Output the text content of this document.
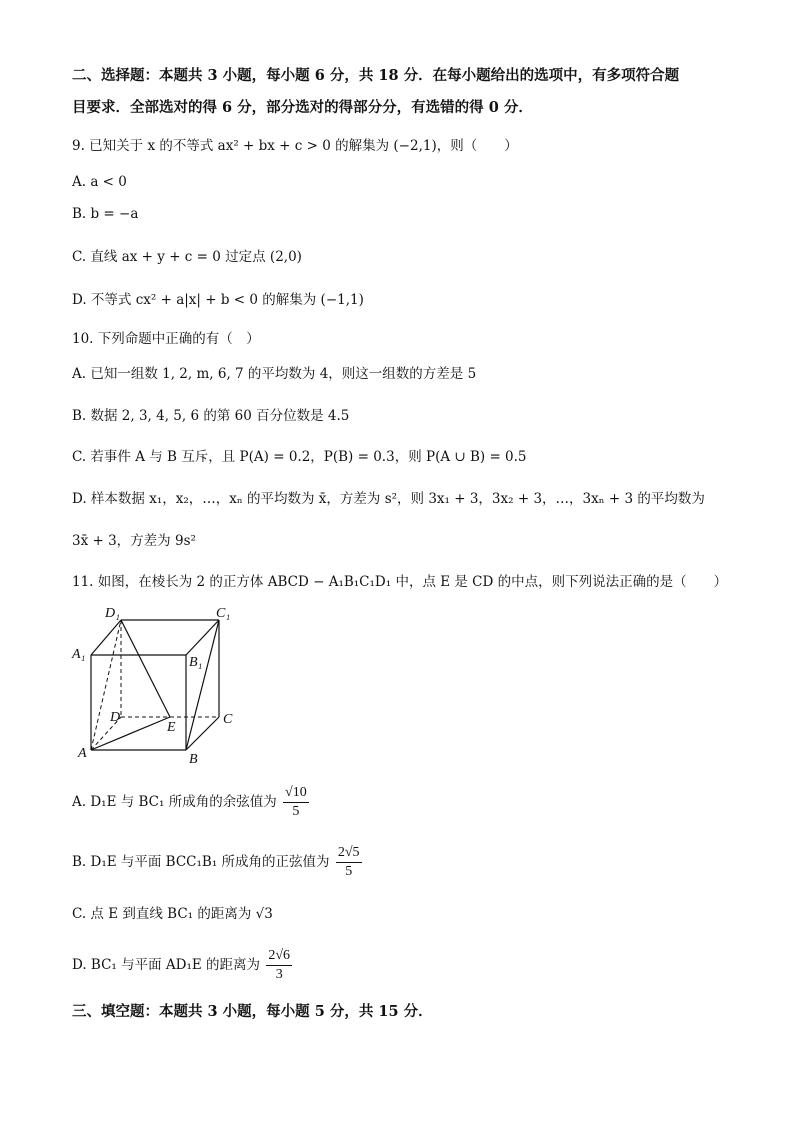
二、选择题：本题共 3 小题，每小题 6 分，共 18 分．在每小题给出的选项中，有多项符合题
目要求．全部选对的得 6 分，部分选对的得部分分，有选错的得 0 分．
9. 已知关于 x 的不等式 ax² + bx + c > 0 的解集为 (−2,1)，则（　　）
A. a < 0
B. b = −a
C. 直线 ax + y + c = 0 过定点 (2,0)
D. 不等式 cx² + a|x| + b < 0 的解集为 (−1,1)
10. 下列命题中正确的有（　）
A. 已知一组数 1, 2, m, 6, 7 的平均数为 4，则这一组数的方差是 5
B. 数据 2, 3, 4, 5, 6 的第 60 百分位数是 4.5
C. 若事件 A 与 B 互斥，且 P(A) = 0.2，P(B) = 0.3，则 P(A ∪ B) = 0.5
D. 样本数据 x₁，x₂，…，xₙ 的平均数为 x̄，方差为 s²，则 3x₁ + 3，3x₂ + 3，…，3xₙ + 3 的平均数为
3x̄ + 3，方差为 9s²
11. 如图，在棱长为 2 的正方体 ABCD − A₁B₁C₁D₁ 中，点 E 是 CD 的中点，则下列说法正确的是（　　）
D₁	C₁
A₁
B₁
D
E
C
A	B
A. D₁E 与 BC₁ 所成角的余弦值为 $\frac{√10}{5}$
B. D₁E 与平面 BCC₁B₁ 所成角的正弦值为 $\frac{2√5}{5}$
C. 点 E 到直线 BC₁ 的距离为 √3
D. BC₁ 与平面 AD₁E 的距离为 $\frac{2√6}{3}$
三、填空题：本题共 3 小题，每小题 5 分，共 15 分．
